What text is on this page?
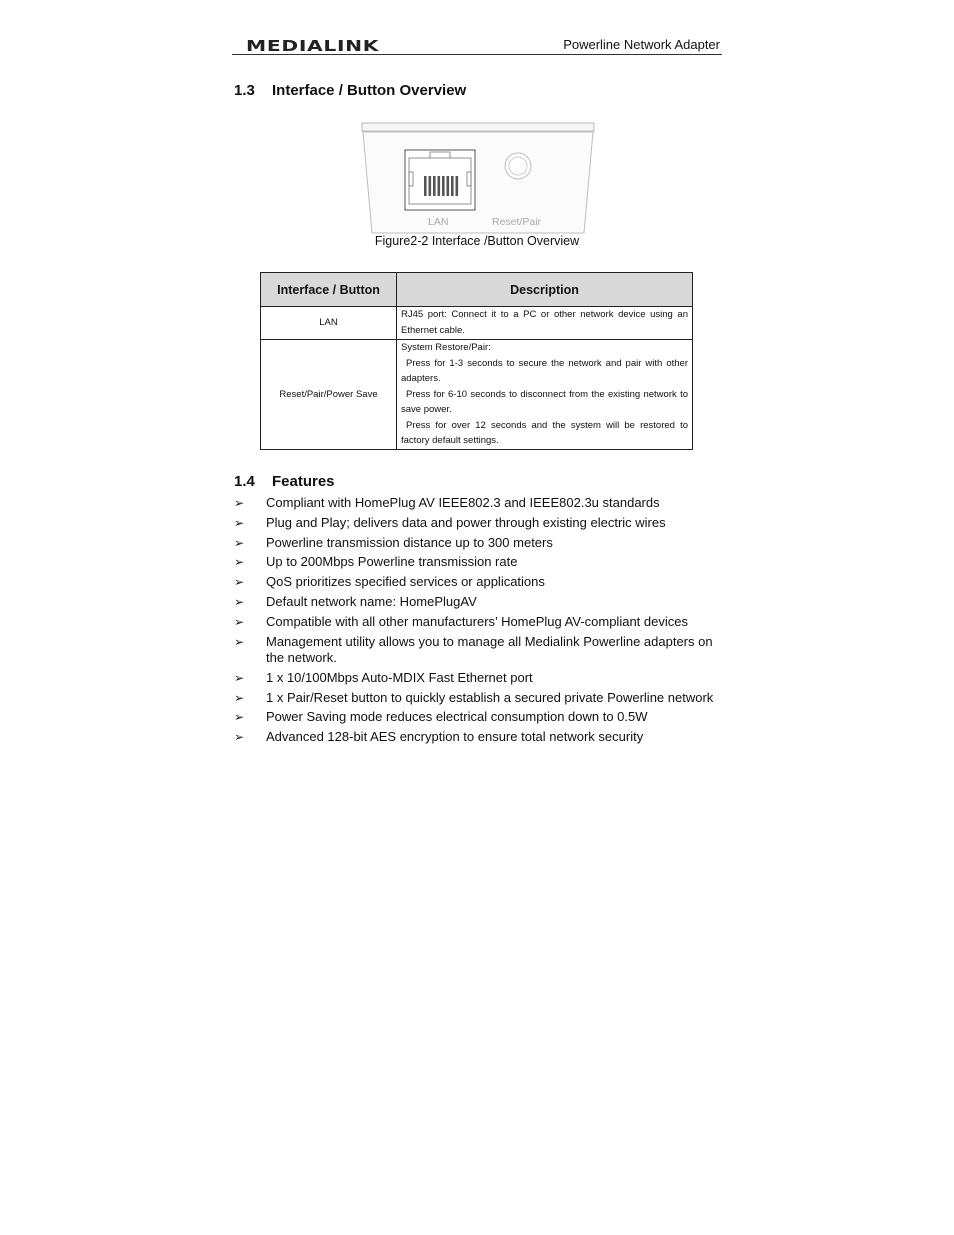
MEDIALINK	Powerline Network Adapter
1.3 Interface / Button Overview
LAN	Reset/Pair
Figure2-2 Interface /Button Overview
Interface / Button	Description
LAN	RJ45 port: Connect it to a PC or other network device using an Ethernet cable.

Reset/Pair/Power Save	System Restore/Pair:
Press for 1-3 seconds to secure the network and pair with other adapters.
Press for 6-10 seconds to disconnect from the existing network to save power.
Press for over 12 seconds and the system will be restored to factory default settings.
1.4 Features
➢ Compliant with HomePlug AV IEEE802.3 and IEEE802.3u standards
➢ Plug and Play; delivers data and power through existing electric wires
➢ Powerline transmission distance up to 300 meters
➢ Up to 200Mbps Powerline transmission rate
➢ QoS prioritizes specified services or applications
➢ Default network name: HomePlugAV
➢ Compatible with all other manufacturers’ HomePlug AV-compliant devices
➢ Management utility allows you to manage all Medialink Powerline adapters on the network.
➢ 1 x 10/100Mbps Auto-MDIX Fast Ethernet port
➢ 1 x Pair/Reset button to quickly establish a secured private Powerline network
➢ Power Saving mode reduces electrical consumption down to 0.5W
➢ Advanced 128-bit AES encryption to ensure total network security
